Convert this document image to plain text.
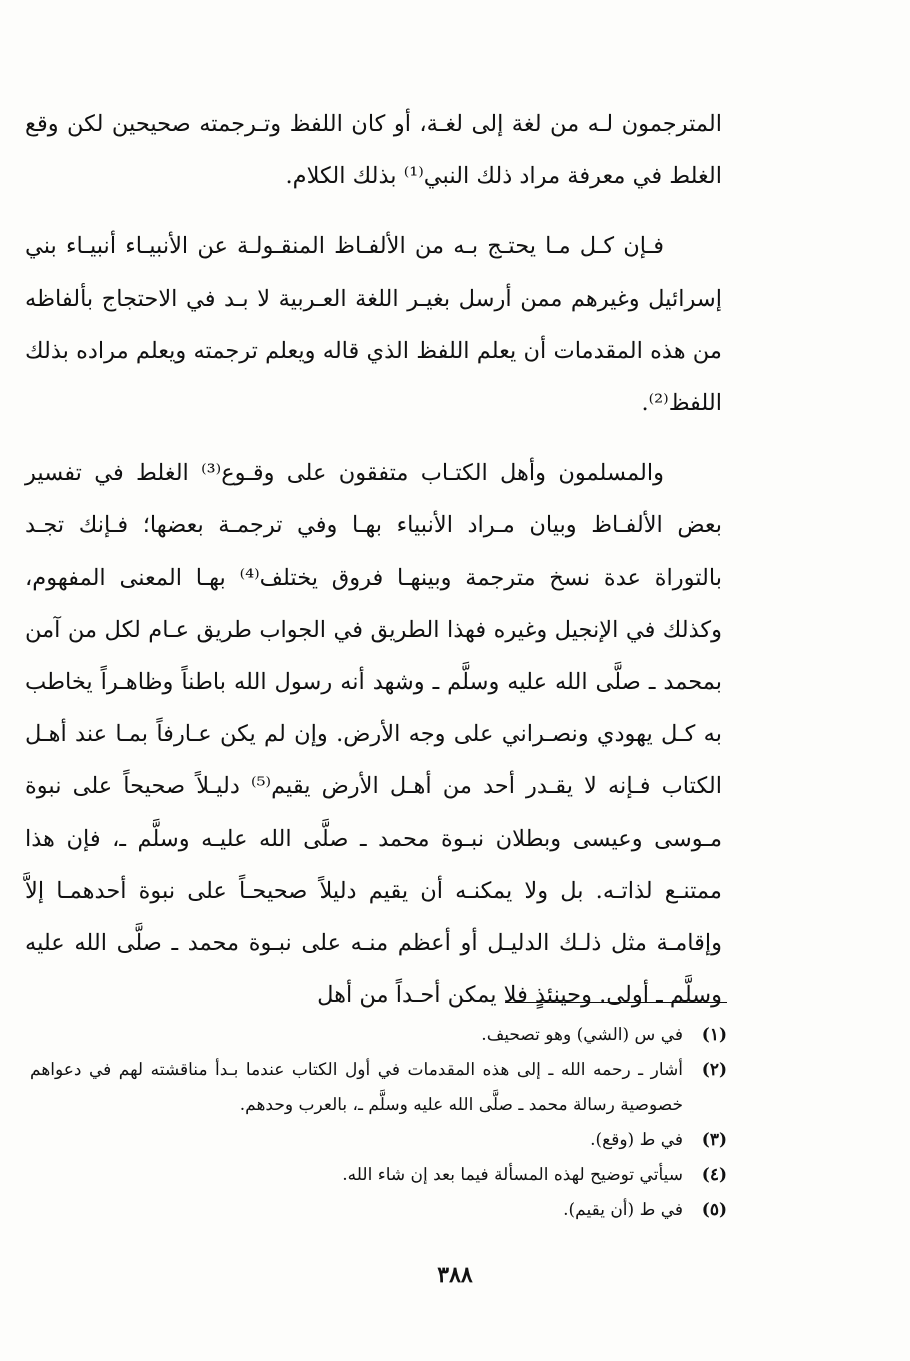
المترجمون لـه من لغة إلى لغـة، أو كان اللفظ وتـرجمته صحيحين لكن وقع الغلط في معرفة مراد ذلك النبي⁽¹⁾ بذلك الكلام.

فـإن كـل مـا يحتـج بـه من الألفـاظ المنقـولـة عن الأنبيـاء أنبيـاء بني إسرائيل وغيرهم ممن أرسل بغيـر اللغة العـربية لا بـد في الاحتجاج بألفاظه من هذه المقدمات أن يعلم اللفظ الذي قاله ويعلم ترجمته ويعلم مراده بذلك اللفظ⁽²⁾.

والمسلمون وأهل الكتـاب متفقون على وقـوع⁽³⁾ الغلط في تفسير بعض الألفـاظ وبيان مـراد الأنبياء بهـا وفي ترجمـة بعضها؛ فـإنك تجـد بالتوراة عدة نسخ مترجمة وبينهـا فروق يختلف⁽⁴⁾ بهـا المعنى المفهوم، وكذلك في الإنجيل وغيره فهذا الطريق في الجواب طريق عـام لكل من آمن بمحمد ـ صلَّى الله عليه وسلَّم ـ وشهد أنه رسول الله باطناً وظاهـراً يخاطب به كـل يهودي ونصـراني على وجه الأرض. وإن لم يكن عـارفاً بمـا عند أهـل الكتاب فـإنه لا يقـدر أحد من أهـل الأرض يقيم⁽⁵⁾ دليـلاً صحيحاً على نبوة مـوسى وعيسى وبطلان نبـوة محمد ـ صلَّى الله عليـه وسلَّم ـ، فإن هذا ممتنـع لذاتـه. بل ولا يمكنـه أن يقيم دليلاً صحيحـاً على نبوة أحدهمـا إلاَّ وإقامـة مثل ذلـك الدليـل أو أعظم منـه على نبـوة محمد ـ صلَّى الله عليه وسلَّم ـ أولى. وحينئذٍ فلا يمكن أحـداً من أهل

(١)
في س (الشي) وهو تصحيف.
(٢)
أشار ـ رحمه الله ـ إلى هذه المقدمات في أول الكتاب عندما بـدأ مناقشته لهم في دعواهم خصوصية رسالة محمد ـ صلَّى الله عليه وسلَّم ـ، بالعرب وحدهم.
(٣)
في ط (وقع).
(٤)
سيأتي توضيح لهذه المسألة فيما بعد إن شاء الله.
(٥)
في ط (أن يقيم).
٣٨٨
